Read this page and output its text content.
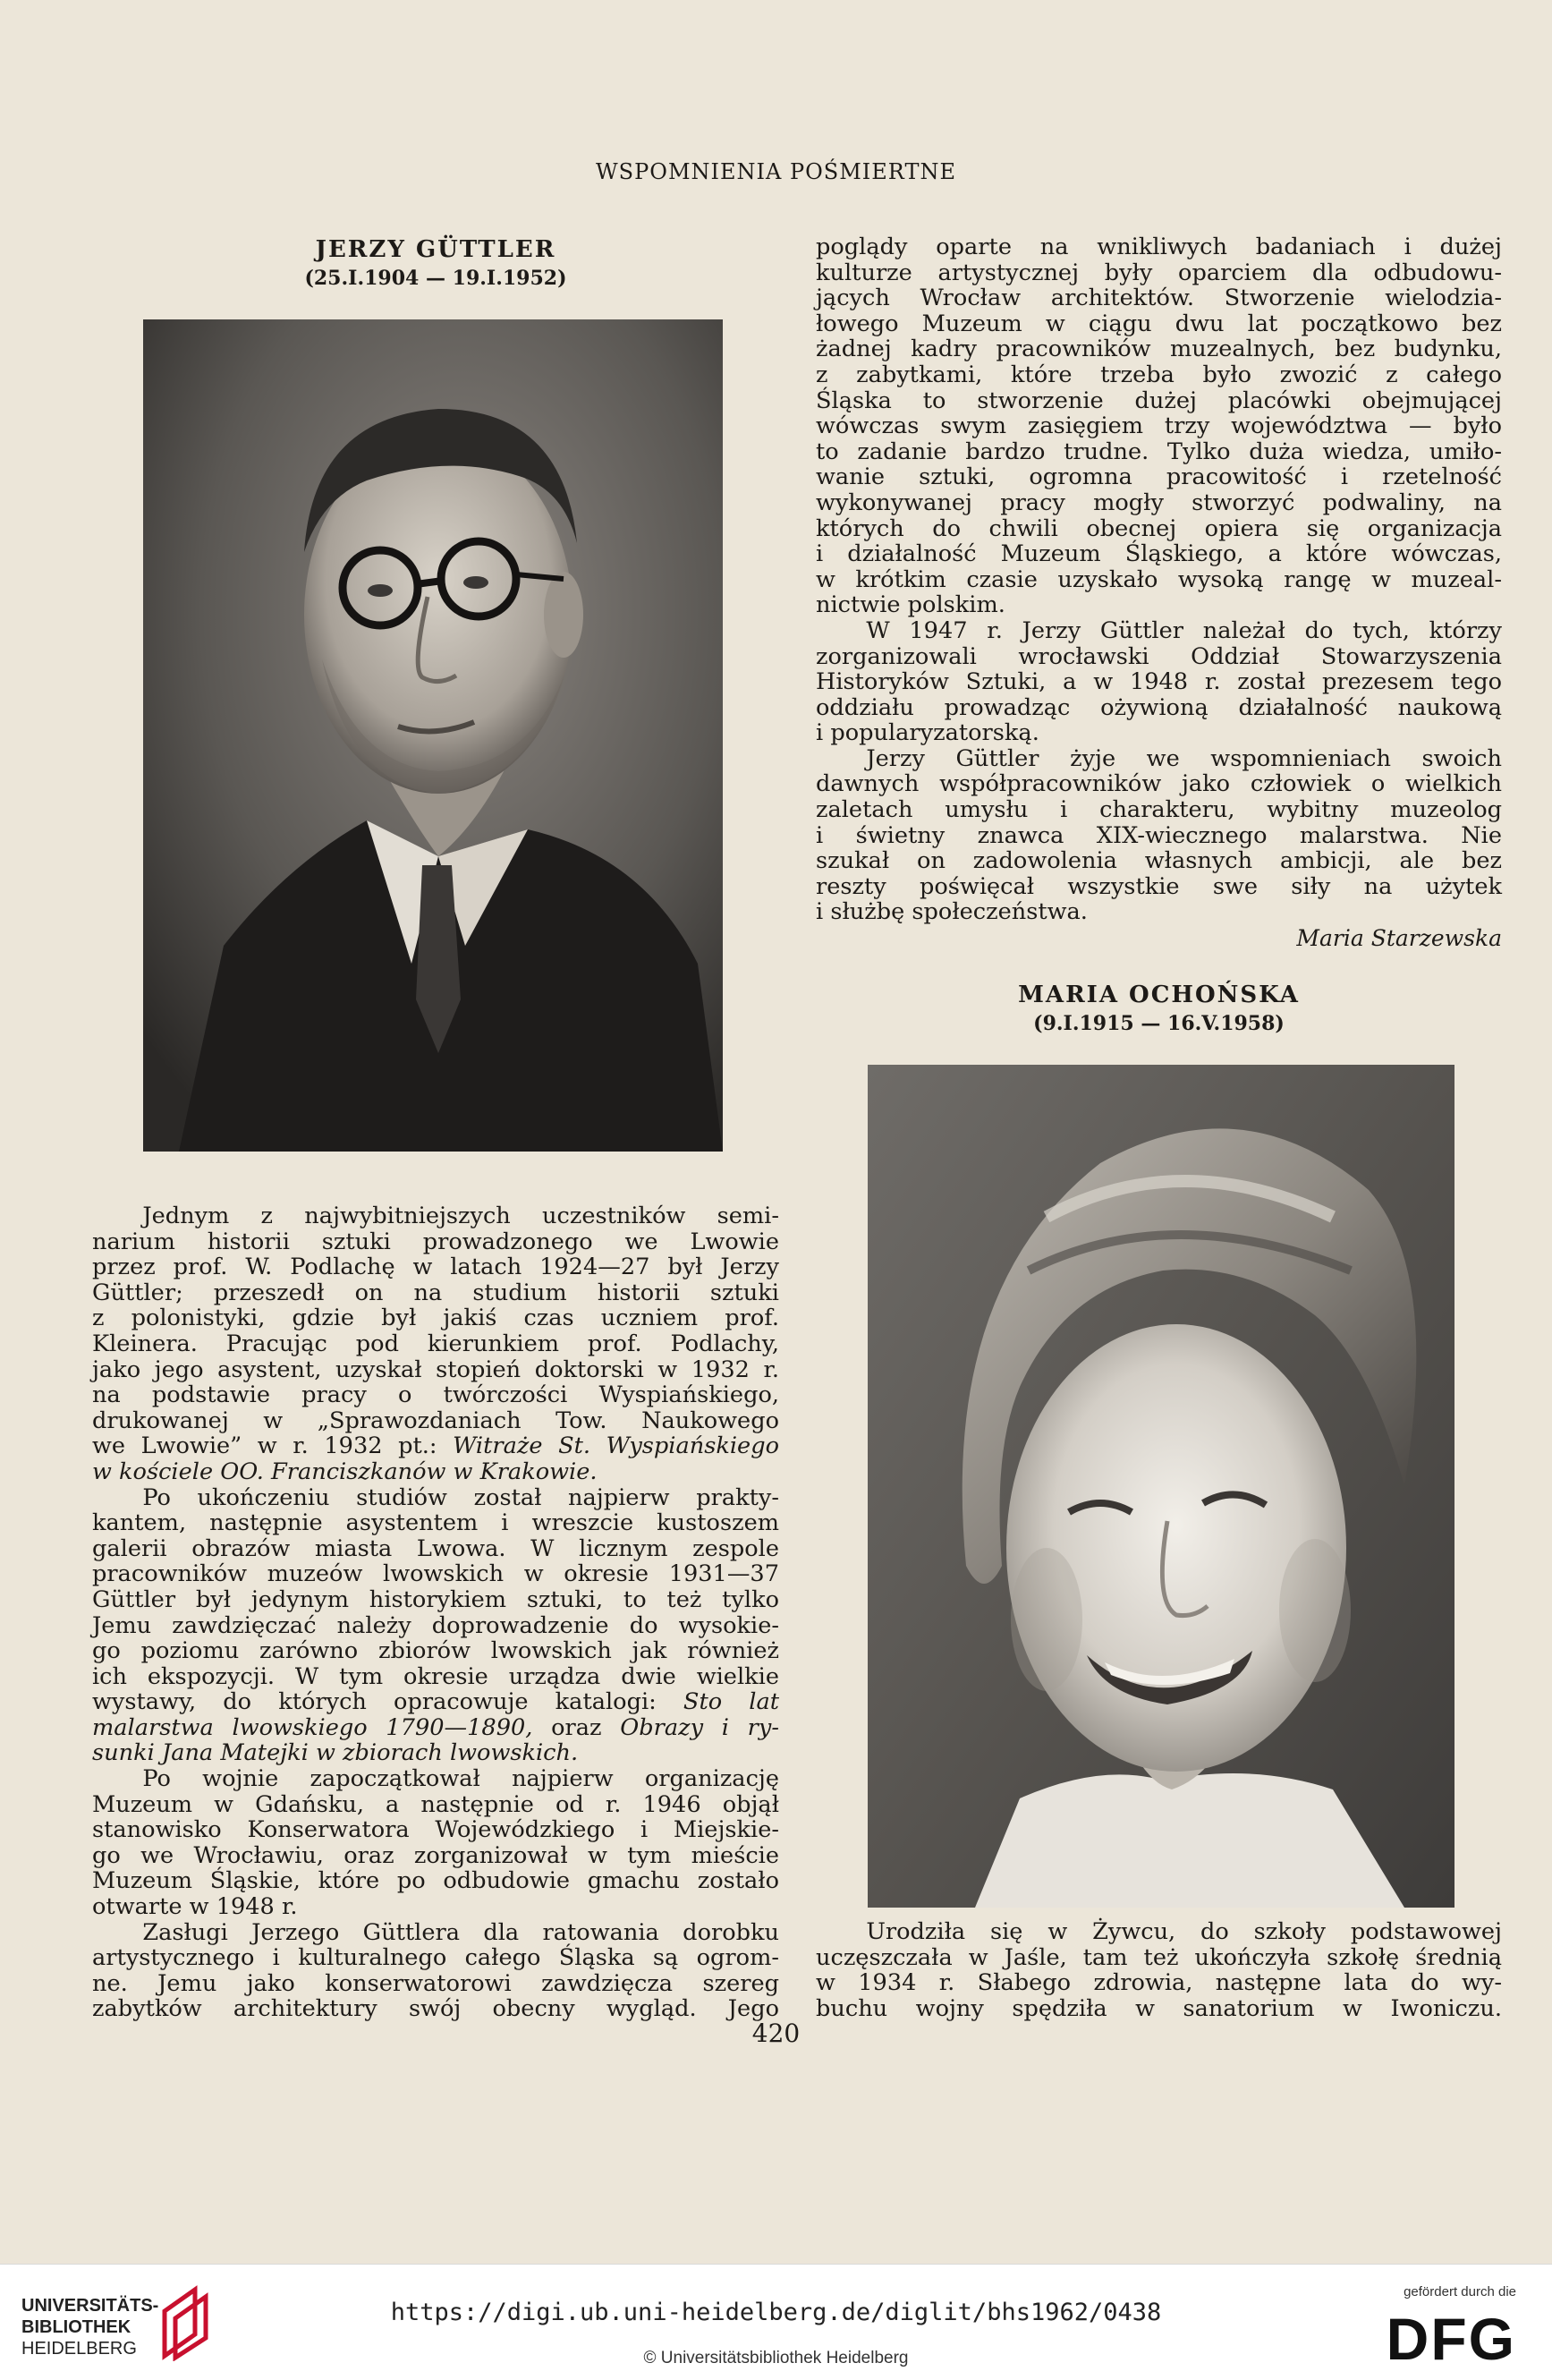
WSPOMNIENIA POŚMIERTNE
JERZY GÜTTLER
(25.I.1904 — 19.I.1952)

Jednym z najwybitniejszych uczestników semi-
narium historii sztuki prowadzonego we Lwowie
przez prof. W. Podlachę w latach 1924—27 był Jerzy
Güttler; przeszedł on na studium historii sztuki
z polonistyki, gdzie był jakiś czas uczniem prof.
Kleinera. Pracując pod kierunkiem prof. Podlachy,
jako jego asystent, uzyskał stopień doktorski w 1932 r.
na podstawie pracy o twórczości Wyspiańskiego,
drukowanej w „Sprawozdaniach Tow. Naukowego
we Lwowie” w r. 1932 pt.: Witraże St. Wyspiańskiego
w kościele OO. Franciszkanów w Krakowie.

Po ukończeniu studiów został najpierw prakty-
kantem, następnie asystentem i wreszcie kustoszem
galerii obrazów miasta Lwowa. W licznym zespole
pracowników muzeów lwowskich w okresie 1931—37
Güttler był jedynym historykiem sztuki, to też tylko
Jemu zawdzięczać należy doprowadzenie do wysokie-
go poziomu zarówno zbiorów lwowskich jak również
ich ekspozycji. W tym okresie urządza dwie wielkie
wystawy, do których opracowuje katalogi: Sto lat
malarstwa lwowskiego 1790—1890, oraz Obrazy i ry-
sunki Jana Matejki w zbiorach lwowskich.

Po wojnie zapoczątkował najpierw organizację
Muzeum w Gdańsku, a następnie od r. 1946 objął
stanowisko Konserwatora Wojewódzkiego i Miejskie-
go we Wrocławiu, oraz zorganizował w tym mieście
Muzeum Śląskie, które po odbudowie gmachu zostało
otwarte w 1948 r.

Zasługi Jerzego Güttlera dla ratowania dorobku
artystycznego i kulturalnego całego Śląska są ogrom-
ne. Jemu jako konserwatorowi zawdzięcza szereg
zabytków architektury swój obecny wygląd. Jego

poglądy oparte na wnikliwych badaniach i dużej
kulturze artystycznej były oparciem dla odbudowu-
jących Wrocław architektów. Stworzenie wielodzia-
łowego Muzeum w ciągu dwu lat początkowo bez
żadnej kadry pracowników muzealnych, bez budynku,
z zabytkami, które trzeba było zwozić z całego
Śląska to stworzenie dużej placówki obejmującej
wówczas swym zasięgiem trzy województwa — było
to zadanie bardzo trudne. Tylko duża wiedza, umiło-
wanie sztuki, ogromna pracowitość i rzetelność
wykonywanej pracy mogły stworzyć podwaliny, na
których do chwili obecnej opiera się organizacja
i działalność Muzeum Śląskiego, a które wówczas,
w krótkim czasie uzyskało wysoką rangę w muzeal-
nictwie polskim.

W 1947 r. Jerzy Güttler należał do tych, którzy
zorganizowali wrocławski Oddział Stowarzyszenia
Historyków Sztuki, a w 1948 r. został prezesem tego
oddziału prowadząc ożywioną działalność naukową
i popularyzatorską.

Jerzy Güttler żyje we wspomnieniach swoich
dawnych współpracowników jako człowiek o wielkich
zaletach umysłu i charakteru, wybitny muzeolog
i świetny znawca XIX-wiecznego malarstwa. Nie
szukał on zadowolenia własnych ambicji, ale bez
reszty poświęcał wszystkie swe siły na użytek
i służbę społeczeństwa.

Maria Starzewska
MARIA OCHOŃSKA
(9.I.1915 — 16.V.1958)

Urodziła się w Żywcu, do szkoły podstawowej
uczęszczała w Jaśle, tam też ukończyła szkołę średnią
w 1934 r. Słabego zdrowia, następne lata do wy-
buchu wojny spędziła w sanatorium w Iwoniczu.

420
UNIVERSITÄTS-
BIBLIOTHEK
HEIDELBERG
https://digi.ub.uni-heidelberg.de/diglit/bhs1962/0438
© Universitätsbibliothek Heidelberg
gefördert durch die
DFG
